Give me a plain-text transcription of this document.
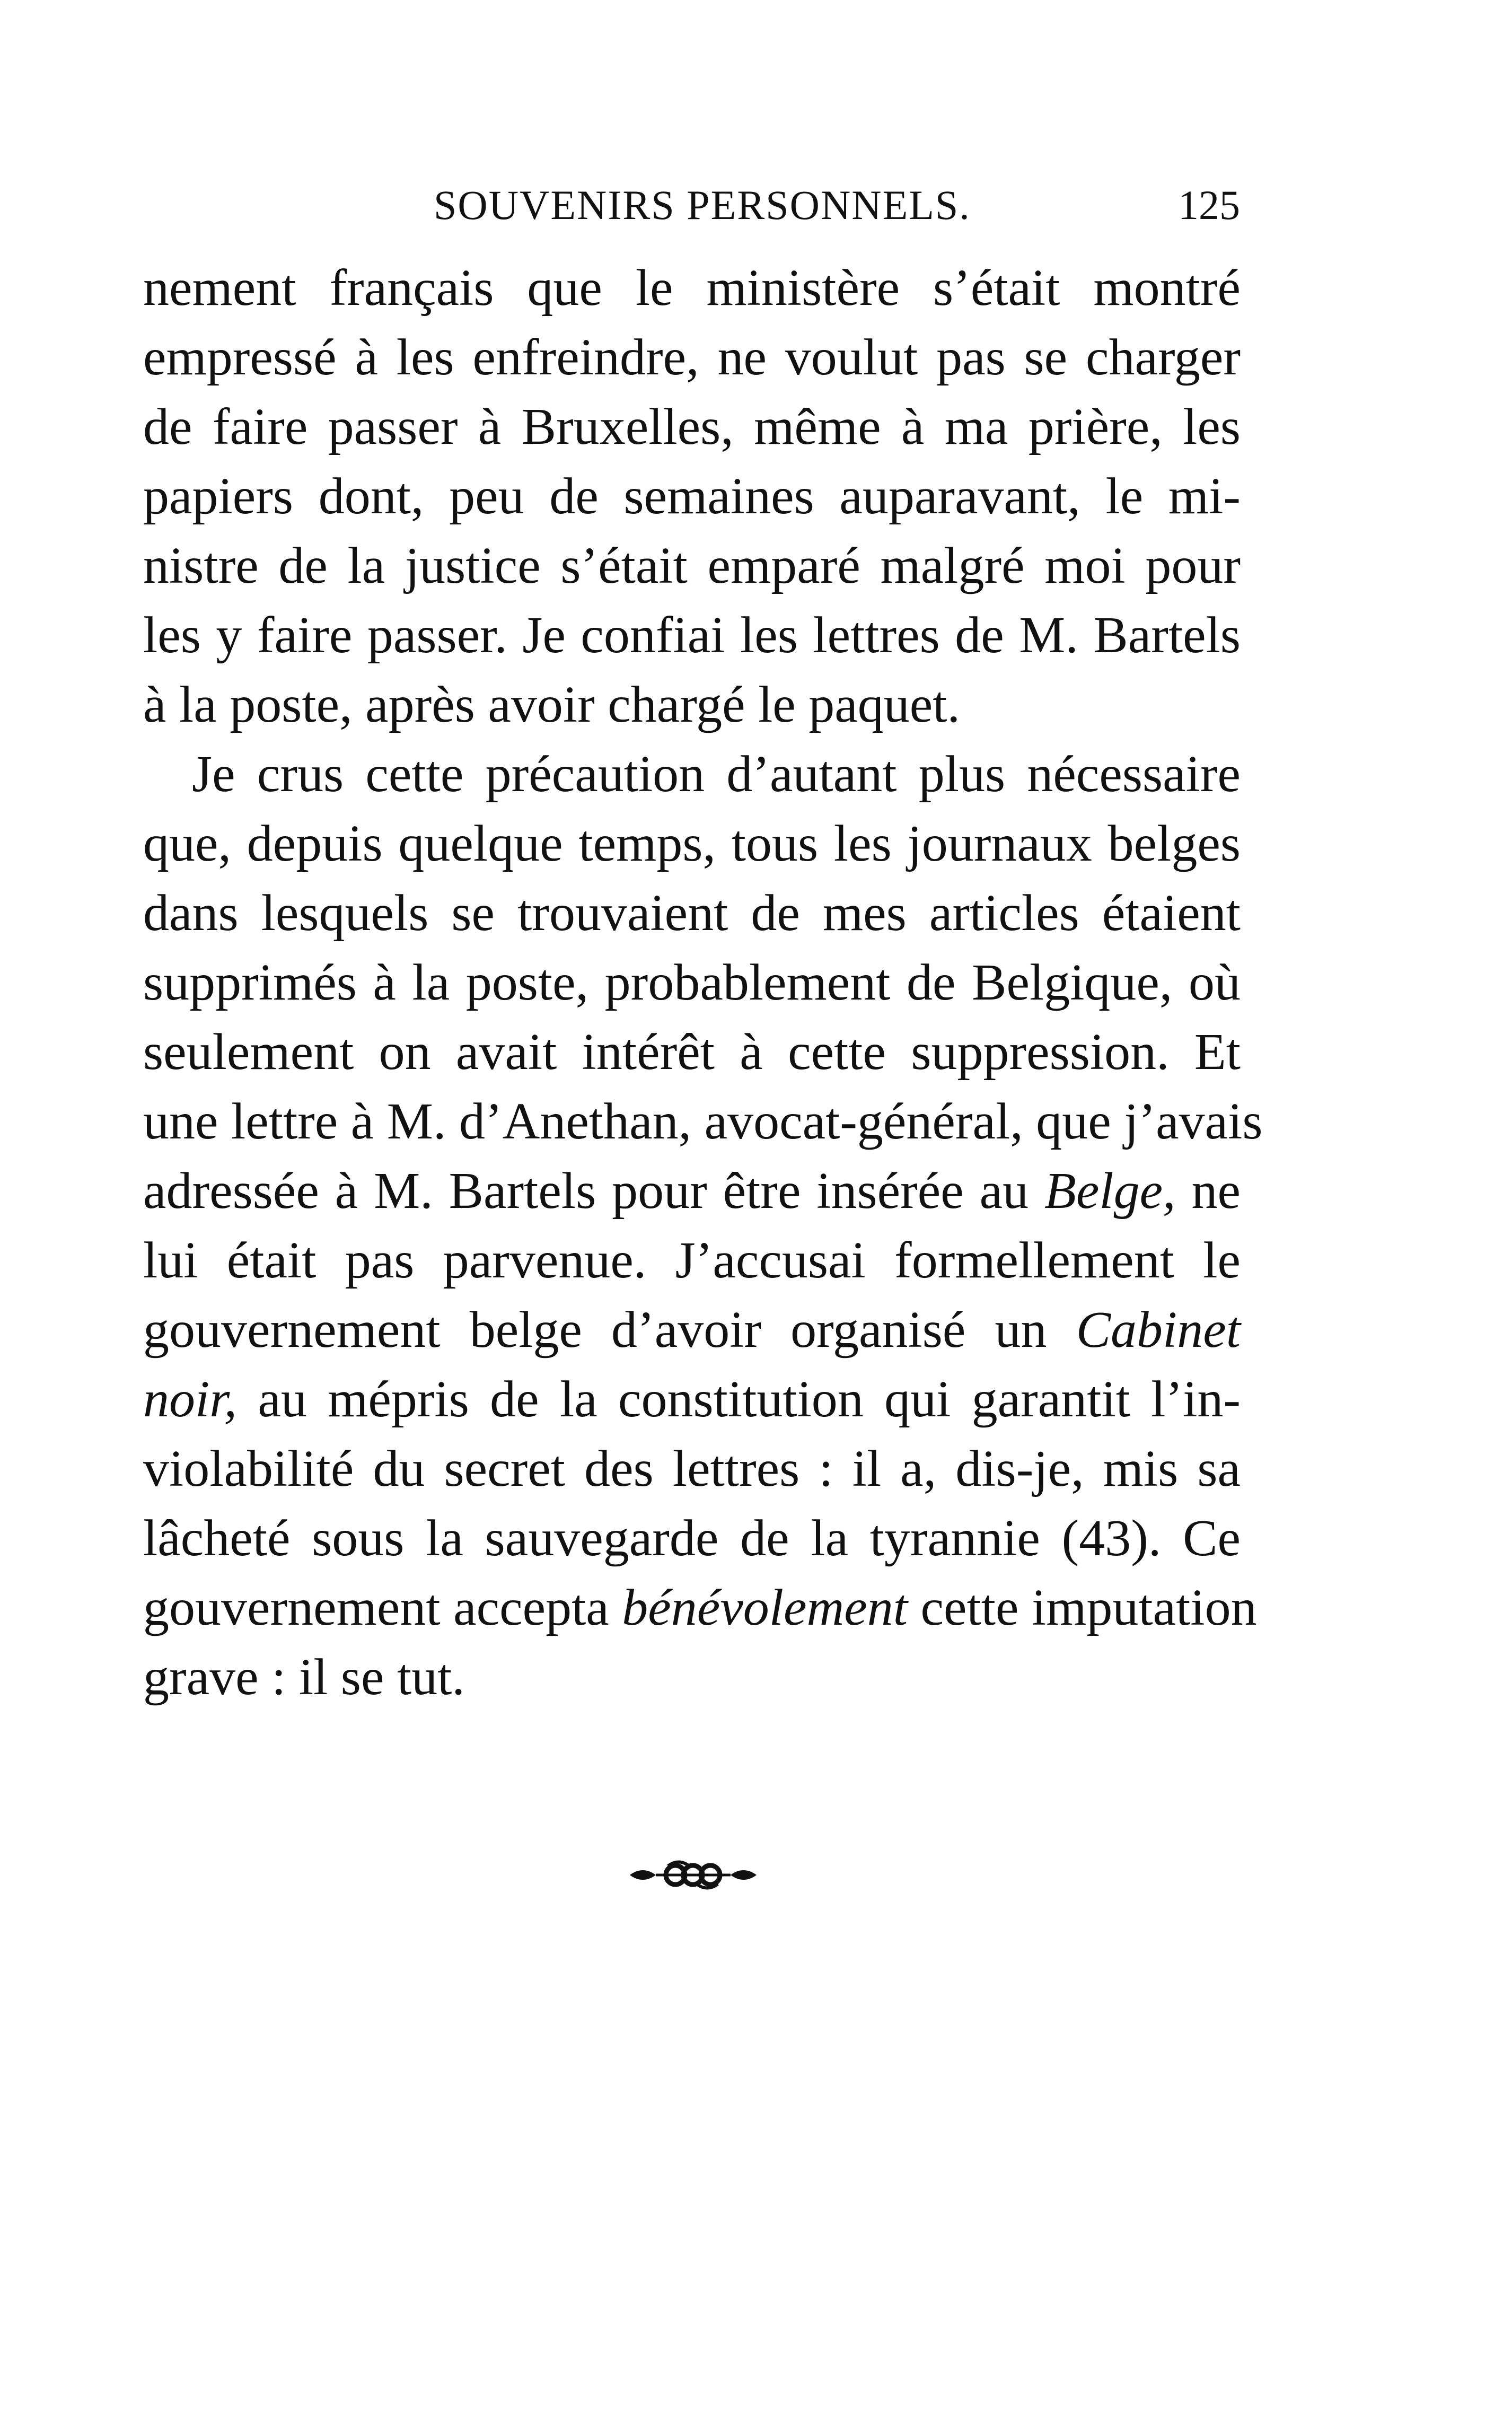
SOUVENIRS PERSONNELS.	125
nement français que le ministère s’était montré
empressé à les enfreindre, ne voulut pas se charger
de faire passer à Bruxelles, même à ma prière, les
papiers dont, peu de semaines auparavant, le mi-
nistre de la justice s’était emparé malgré moi pour
les y faire passer. Je confiai les lettres de M. Bartels
à la poste, après avoir chargé le paquet.
Je crus cette précaution d’autant plus nécessaire
que, depuis quelque temps, tous les journaux belges
dans lesquels se trouvaient de mes articles étaient
supprimés à la poste, probablement de Belgique, où
seulement on avait intérêt à cette suppression. Et
une lettre à M. d’Anethan, avocat-général, que j’avais
adressée à M. Bartels pour être insérée au Belge, ne
lui était pas parvenue. J’accusai formellement le
gouvernement belge d’avoir organisé un Cabinet
noir, au mépris de la constitution qui garantit l’in-
violabilité du secret des lettres : il a, dis-je, mis sa
lâcheté sous la sauvegarde de la tyrannie (43). Ce
gouvernement accepta bénévolement cette imputation
grave : il se tut.
